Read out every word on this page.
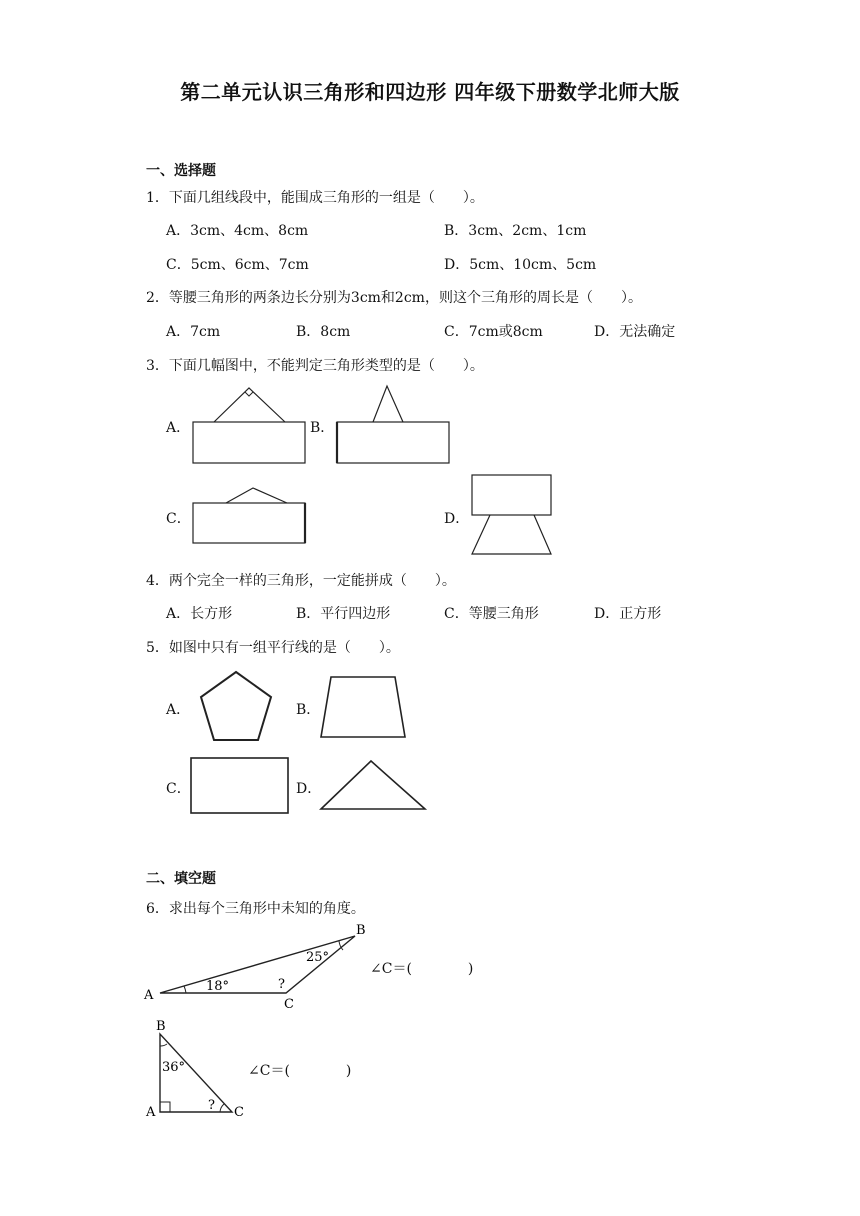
第二单元认识三角形和四边形 四年级下册数学北师大版
一、选择题
1．下面几组线段中，能围成三角形的一组是（　　）。
A．3cm、4cm、8cm	B．3cm、2cm、1cm
C．5cm、6cm、7cm	D．5cm、10cm、5cm
2．等腰三角形的两条边长分别为3cm和2cm，则这个三角形的周长是（　　）。
A．7cm	B．8cm	C．7cm或8cm	D．无法确定
3．下面几幅图中，不能判定三角形类型的是（　　）。
A．	B．
C．	D．
4．两个完全一样的三角形，一定能拼成（　　）。
A．长方形	B．平行四边形	C．等腰三角形	D．正方形
5．如图中只有一组平行线的是（　　）。
A．	B．
C．	D．
二、填空题
6．求出每个三角形中未知的角度。
A
B
C
18°
25°
?
∠C＝(　　　　)
B
A	C
36°
?
∠C＝(　　　　)
